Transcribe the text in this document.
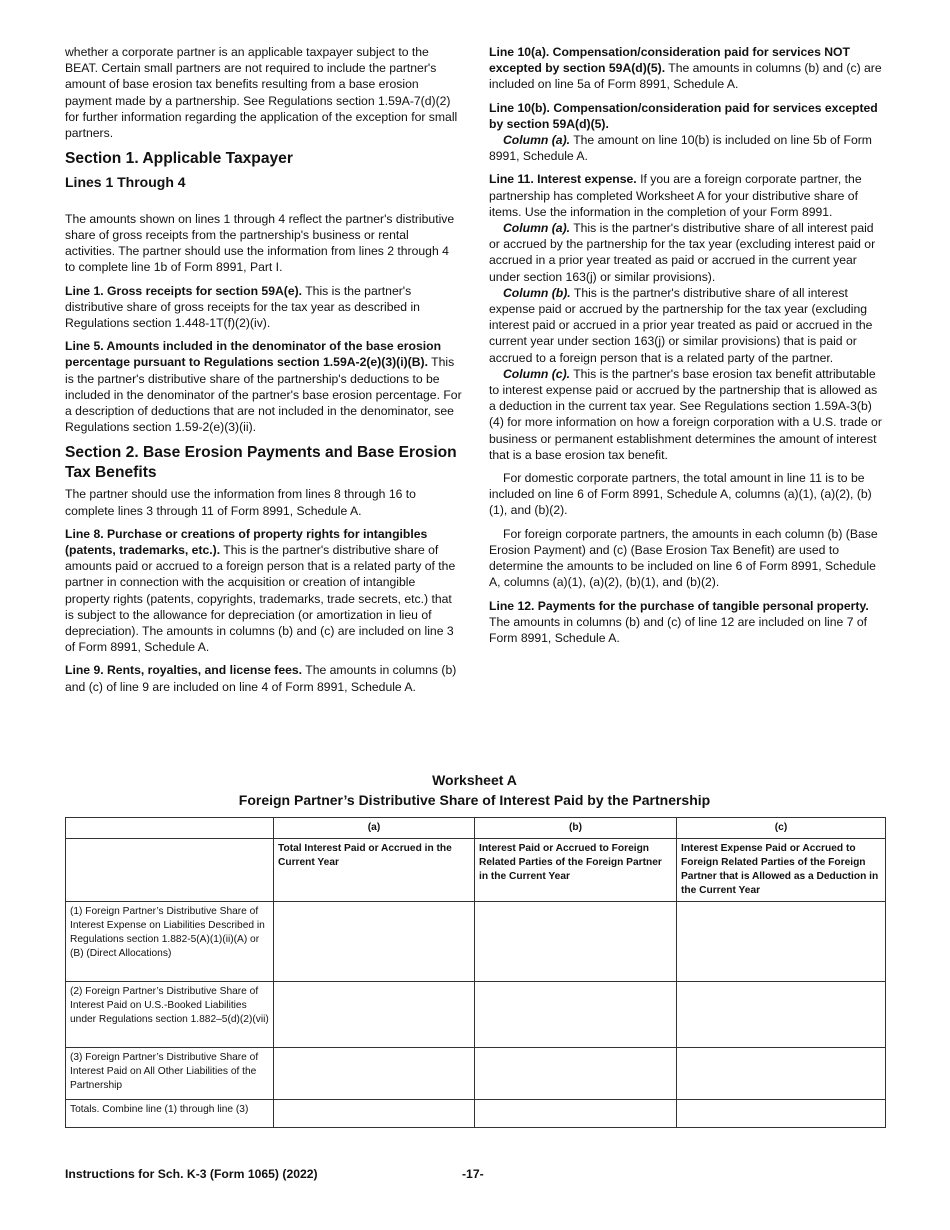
whether a corporate partner is an applicable taxpayer subject to the BEAT. Certain small partners are not required to include the partner's amount of base erosion tax benefits resulting from a base erosion payment made by a partnership. See Regulations section 1.59A-7(d)(2) for further information regarding the application of the exception for small partners.

Section 1. Applicable Taxpayer
Lines 1 Through 4

The amounts shown on lines 1 through 4 reflect the partner's distributive share of gross receipts from the partnership's business or rental activities. The partner should use the information from lines 2 through 4 to complete line 1b of Form 8991, Part I.

Line 1. Gross receipts for section 59A(e). This is the partner's distributive share of gross receipts for the tax year as described in Regulations section 1.448-1T(f)(2)(iv).

Line 5. Amounts included in the denominator of the base erosion percentage pursuant to Regulations section 1.59A-2(e)(3)(i)(B). This is the partner's distributive share of the partnership's deductions to be included in the denominator of the partner's base erosion percentage. For a description of deductions that are not included in the denominator, see Regulations section 1.59-2(e)(3)(ii).

Section 2. Base Erosion Payments and Base Erosion Tax Benefits

The partner should use the information from lines 8 through 16 to complete lines 3 through 11 of Form 8991, Schedule A.

Line 8. Purchase or creations of property rights for intangibles (patents, trademarks, etc.). This is the partner's distributive share of amounts paid or accrued to a foreign person that is a related party of the partner in connection with the acquisition or creation of intangible property rights (patents, copyrights, trademarks, trade secrets, etc.) that is subject to the allowance for depreciation (or amortization in lieu of depreciation). The amounts in columns (b) and (c) are included on line 3 of Form 8991, Schedule A.

Line 9. Rents, royalties, and license fees. The amounts in columns (b) and (c) of line 9 are included on line 4 of Form 8991, Schedule A.

Line 10(a). Compensation/consideration paid for services NOT excepted by section 59A(d)(5). The amounts in columns (b) and (c) are included on line 5a of Form 8991, Schedule A.

Line 10(b). Compensation/consideration paid for services excepted by section 59A(d)(5).

Column (a). The amount on line 10(b) is included on line 5b of Form 8991, Schedule A.

Line 11. Interest expense. If you are a foreign corporate partner, the partnership has completed Worksheet A for your distributive share of items. Use the information in the completion of your Form 8991.

Column (a). This is the partner's distributive share of all interest paid or accrued by the partnership for the tax year (excluding interest paid or accrued in a prior year treated as paid or accrued in the current year under section 163(j) or similar provisions).

Column (b). This is the partner's distributive share of all interest expense paid or accrued by the partnership for the tax year (excluding interest paid or accrued in a prior year treated as paid or accrued in the current year under section 163(j) or similar provisions) that is paid or accrued to a foreign person that is a related party of the partner.

Column (c). This is the partner's base erosion tax benefit attributable to interest expense paid or accrued by the partnership that is allowed as a deduction in the current tax year. See Regulations section 1.59A-3(b)(4) for more information on how a foreign corporation with a U.S. trade or business or permanent establishment determines the amount of interest that is a base erosion tax benefit.

For domestic corporate partners, the total amount in line 11 is to be included on line 6 of Form 8991, Schedule A, columns (a)(1), (a)(2), (b)(1), and (b)(2).

For foreign corporate partners, the amounts in each column (b) (Base Erosion Payment) and (c) (Base Erosion Tax Benefit) are used to determine the amounts to be included on line 6 of Form 8991, Schedule A, columns (a)(1), (a)(2), (b)(1), and (b)(2).

Line 12. Payments for the purchase of tangible personal property. The amounts in columns (b) and (c) of line 12 are included on line 7 of Form 8991, Schedule A.

Worksheet A
Foreign Partner’s Distributive Share of Interest Paid by the Partnership
	(a)	(b)	(c)
	Total Interest Paid or Accrued in the Current Year	Interest Paid or Accrued to Foreign Related Parties of the Foreign Partner in the Current Year	Interest Expense Paid or Accrued to Foreign Related Parties of the Foreign Partner that is Allowed as a Deduction in the Current Year
(1) Foreign Partner’s Distributive Share of Interest Expense on Liabilities Described in Regulations section 1.882-5(A)(1)(ii)(A) or (B) (Direct Allocations)			
(2) Foreign Partner’s Distributive Share of Interest Paid on U.S.-Booked Liabilities under Regulations section 1.882–5(d)(2)(vii)			
(3) Foreign Partner’s Distributive Share of Interest Paid on All Other Liabilities of the Partnership			
Totals. Combine line (1) through line (3)			
Instructions for Sch. K-3 (Form 1065) (2022)	-17-
